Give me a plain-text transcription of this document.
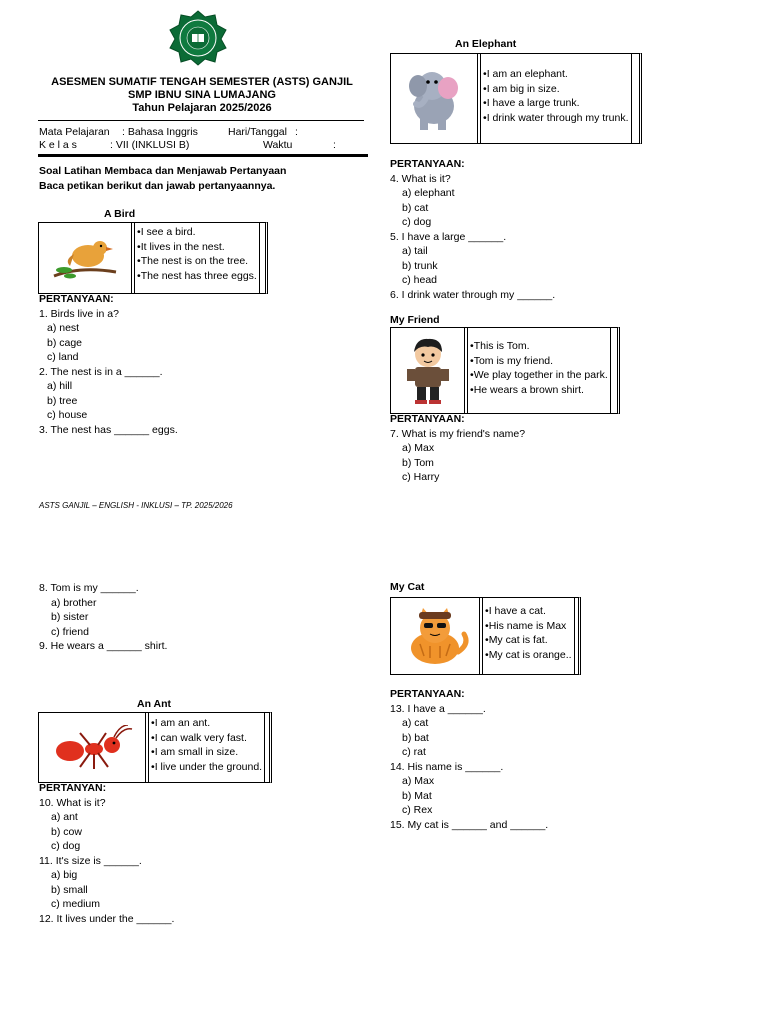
ASESMEN SUMATIF TENGAH SEMESTER (ASTS) GANJIL
SMP IBNU SINA LUMAJANG
Tahun Pelajaran 2025/2026
Mata Pelajaran : Bahasa Inggris	Hari/Tanggal :
K e l a s	: VII (INKLUSI B)	Waktu	:
Soal Latihan Membaca dan Menjawab Pertanyaan
Baca petikan berikut dan jawab pertanyaannya.
A Bird
• I see a bird.
• It lives in the nest.
• The nest is on the tree.
• The nest has three eggs.
PERTANYAAN:
1. Birds live in a?
a) nest
b) cage
c) land
2. The nest is in a ______.
a) hill
b) tree
c) house
3. The nest has ______ eggs.
ASTS GANJIL – ENGLISH - INKLUSI – TP. 2025/2026
An Elephant
• I am an elephant.
• I am big in size.
• I have a large trunk.
• I drink water through my trunk.
PERTANYAAN:
4. What is it?
a) elephant
b) cat
c) dog
5. I have a large ______.
a) tail
b) trunk
c) head
6. I drink water through my ______.
My Friend
• This is Tom.
• Tom is my friend.
• We play together in the park.
• He wears a brown shirt.
PERTANYAAN:
7. What is my friend's name?
a) Max
b) Tom
c) Harry
8. Tom is my ______.
a) brother
b) sister
c) friend
9. He wears a ______ shirt.
An Ant
• I am an ant.
• I can walk very fast.
• I am small in size.
• I live under the ground.
PERTANYAN:
10. What is it?
a) ant
b) cow
c) dog
11. It's size is ______.
a) big
b) small
c) medium
12. It lives under the ______.
My Cat
• I have a cat.
• His name is Max
• My cat is fat.
• My cat is orange..
PERTANYAAN:
13. I have a ______.
a) cat
b) bat
c) rat
14. His name is ______.
a) Max
b) Mat
c) Rex
15. My cat is ______ and ______.
